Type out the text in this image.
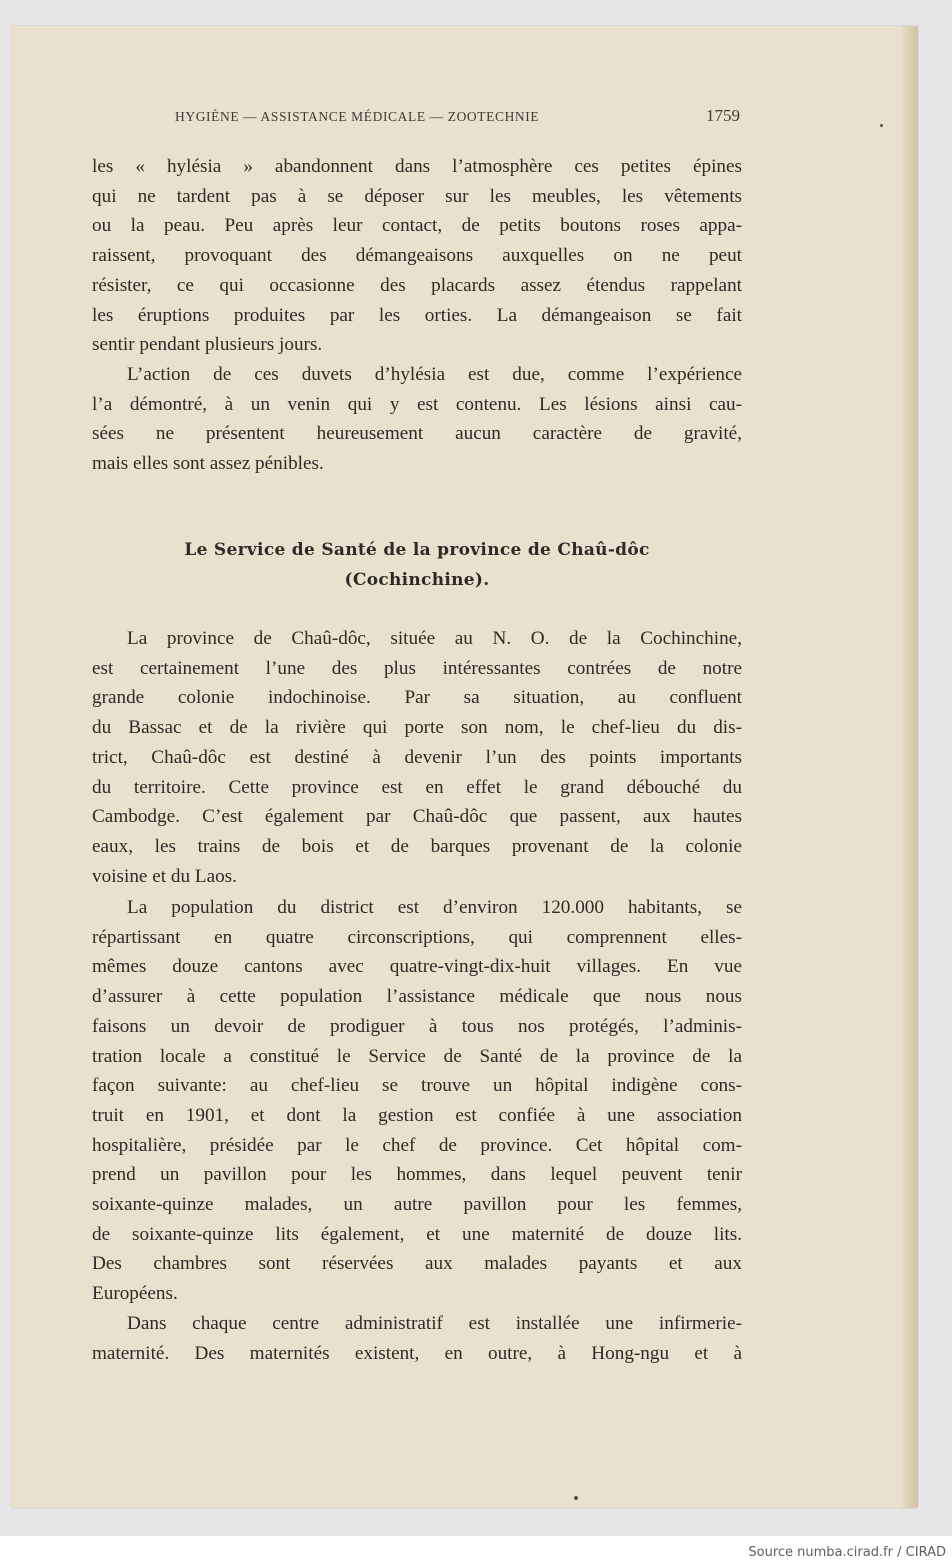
HYGIÈNE — ASSISTANCE MÉDICALE — ZOOTECHNIE	1759
les « hylésia » abandonnent dans l’atmosphère ces petites épines
qui ne tardent pas à se déposer sur les meubles, les vêtements
ou la peau. Peu après leur contact, de petits boutons roses appa-
raissent, provoquant des démangeaisons auxquelles on ne peut
résister, ce qui occasionne des placards assez étendus rappelant
les éruptions produites par les orties. La démangeaison se fait
sentir pendant plusieurs jours.
L’action de ces duvets d’hylésia est due, comme l’expérience
l’a démontré, à un venin qui y est contenu. Les lésions ainsi cau-
sées ne présentent heureusement aucun caractère de gravité,
mais elles sont assez pénibles.
Le Service de Santé de la province de Chaû-dôc
(Cochinchine).
La province de Chaû-dôc, située au N. O. de la Cochinchine,
est certainement l’une des plus intéressantes contrées de notre
grande colonie indochinoise. Par sa situation, au confluent
du Bassac et de la rivière qui porte son nom, le chef-lieu du dis-
trict, Chaû-dôc est destiné à devenir l’un des points importants
du territoire. Cette province est en effet le grand débouché du
Cambodge. C’est également par Chaû-dôc que passent, aux hautes
eaux, les trains de bois et de barques provenant de la colonie
voisine et du Laos.
La population du district est d’environ 120.000 habitants, se
répartissant en quatre circonscriptions, qui comprennent elles-
mêmes douze cantons avec quatre-vingt-dix-huit villages. En vue
d’assurer à cette population l’assistance médicale que nous nous
faisons un devoir de prodiguer à tous nos protégés, l’adminis-
tration locale a constitué le Service de Santé de la province de la
façon suivante: au chef-lieu se trouve un hôpital indigène cons-
truit en 1901, et dont la gestion est confiée à une association
hospitalière, présidée par le chef de province. Cet hôpital com-
prend un pavillon pour les hommes, dans lequel peuvent tenir
soixante-quinze malades, un autre pavillon pour les femmes,
de soixante-quinze lits également, et une maternité de douze lits.
Des chambres sont réservées aux malades payants et aux
Européens.
Dans chaque centre administratif est installée une infirmerie-
maternité. Des maternités existent, en outre, à Hong-ngu et à
Source numba.cirad.fr / CIRAD
